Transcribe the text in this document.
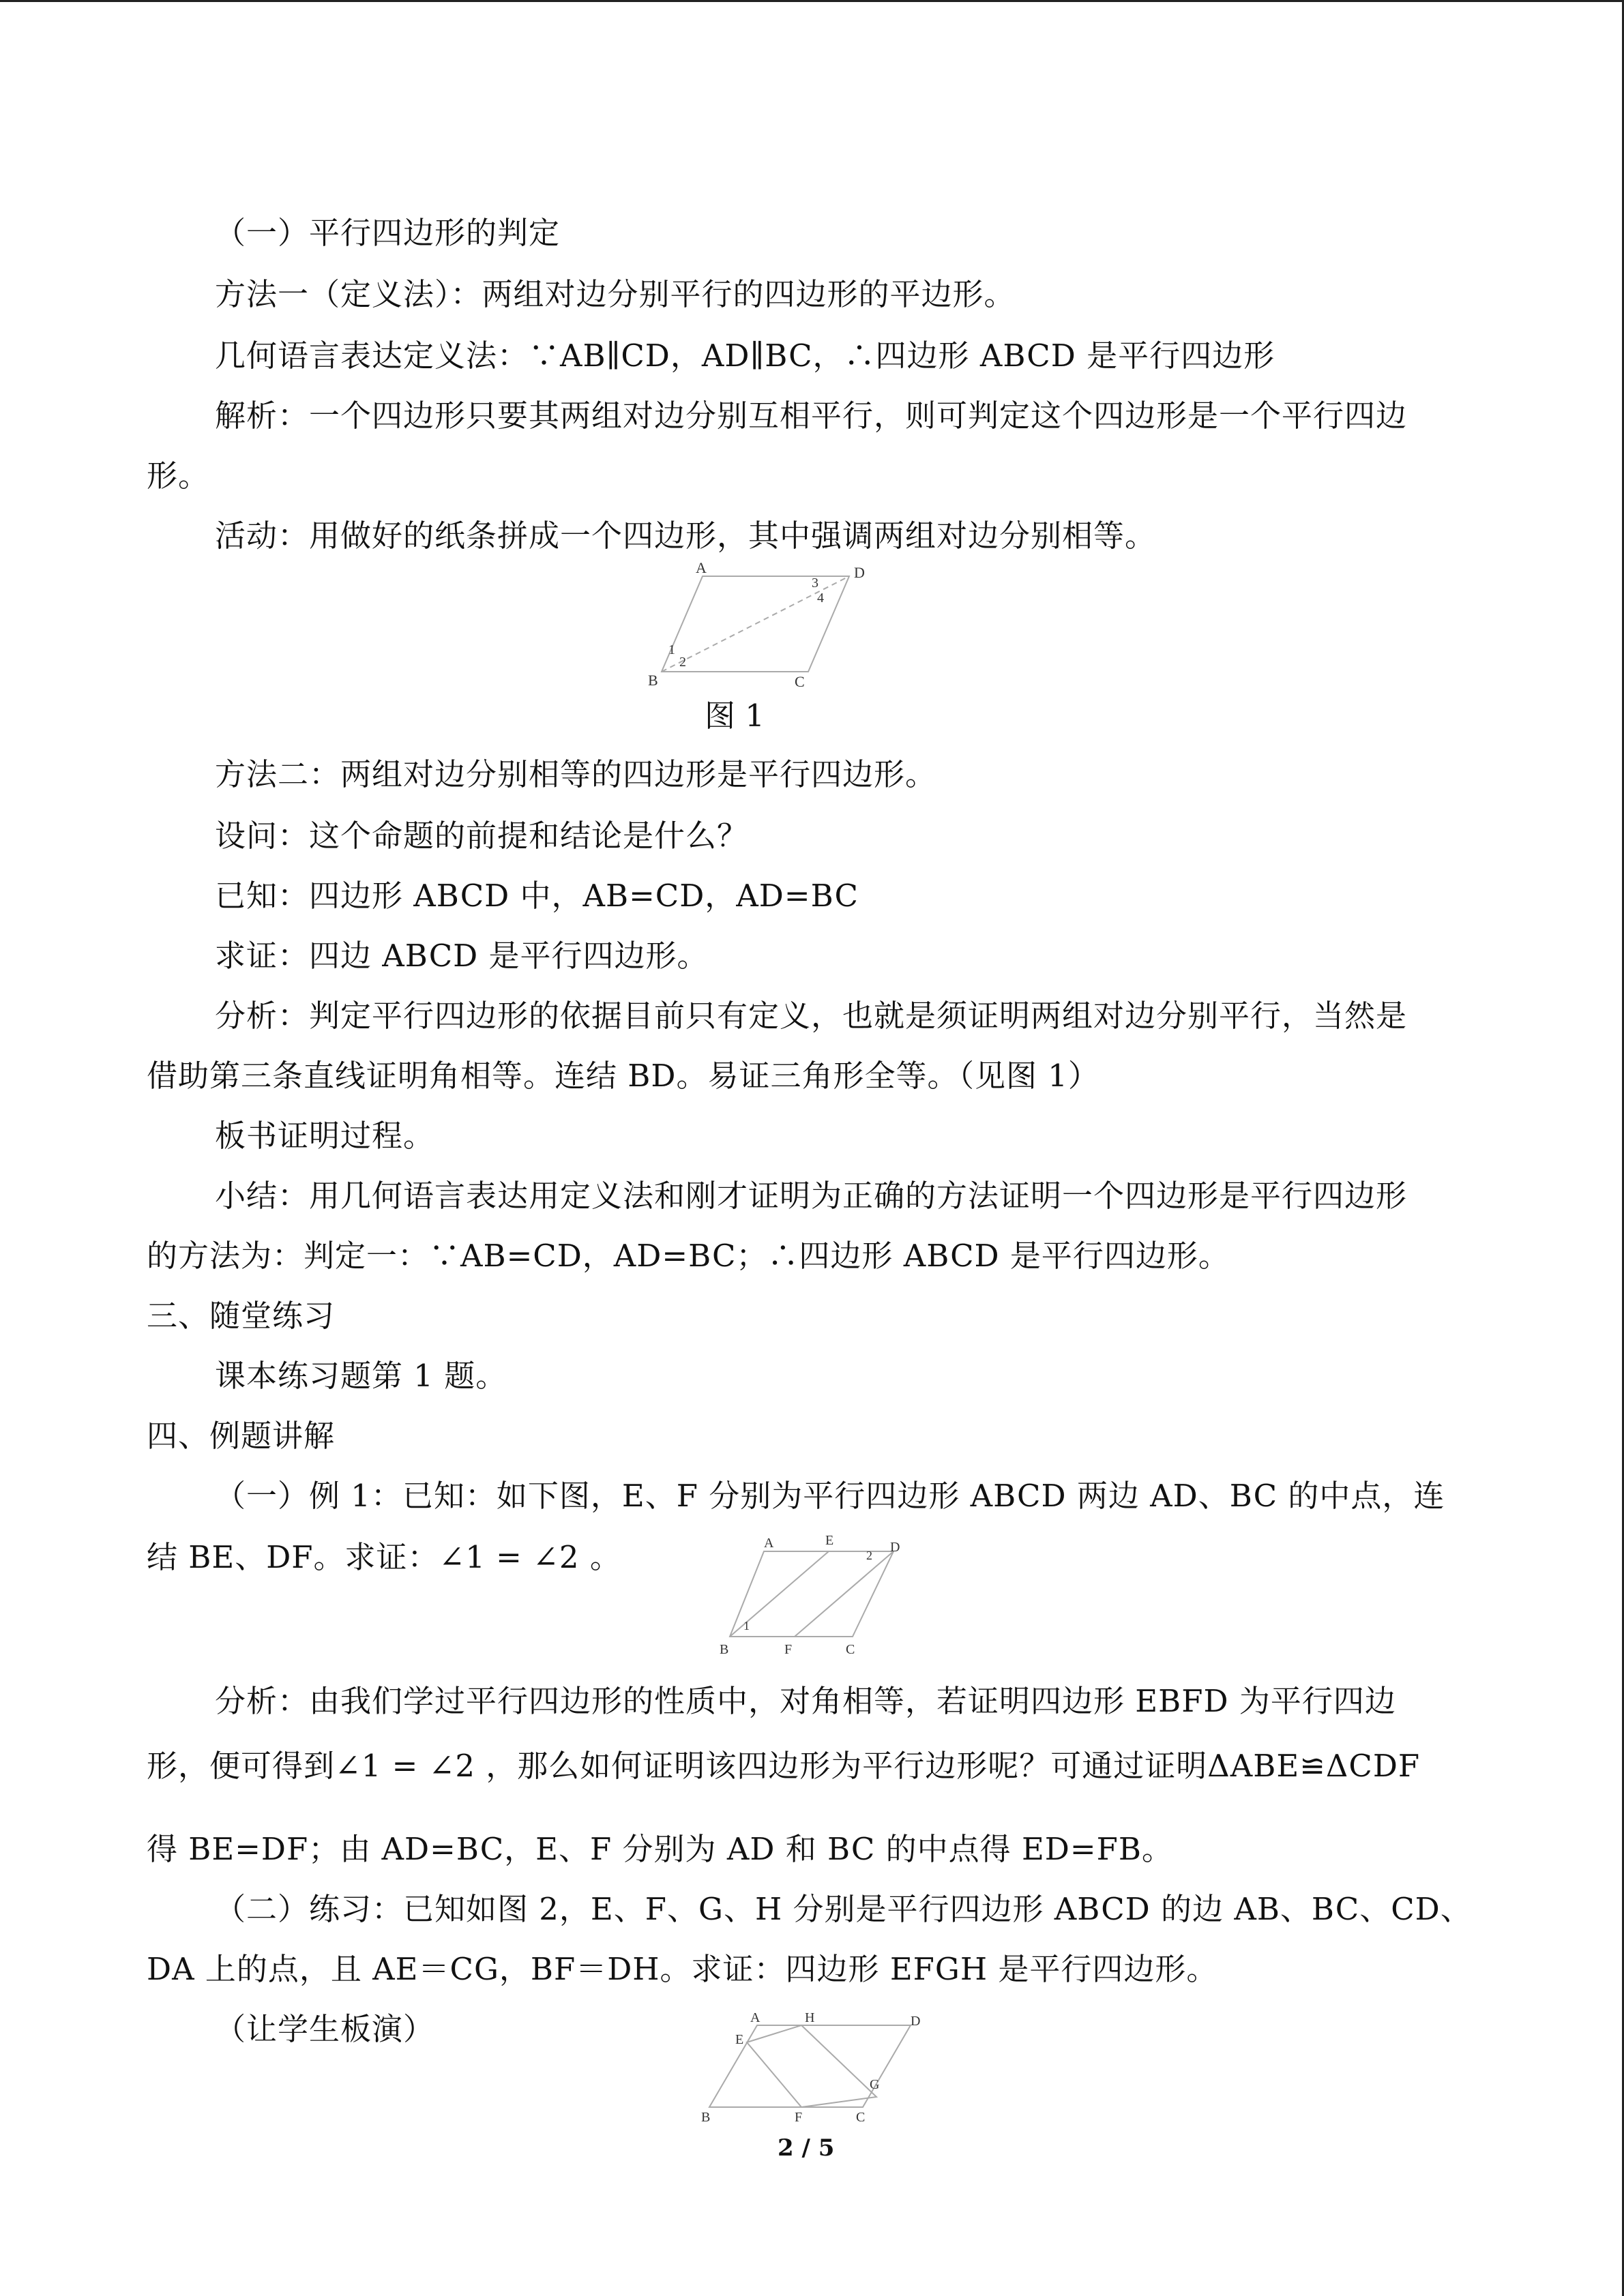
（一）平行四边形的判定
方法一（定义法）：两组对边分别平行的四边形的平边形。
几何语言表达定义法：∵AB∥CD，AD∥BC，∴四边形 ABCD 是平行四边形
解析：一个四边形只要其两组对边分别互相平行，则可判定这个四边形是一个平行四边
形。
活动：用做好的纸条拼成一个四边形，其中强调两组对边分别相等。
A	D
B	C
1
2
3
4
图 1
方法二：两组对边分别相等的四边形是平行四边形。
设问：这个命题的前提和结论是什么？
已知：四边形 ABCD 中，AB=CD，AD=BC
求证：四边 ABCD 是平行四边形。
分析：判定平行四边形的依据目前只有定义，也就是须证明两组对边分别平行，当然是
借助第三条直线证明角相等。连结 BD。易证三角形全等。（见图 1）
板书证明过程。
小结：用几何语言表达用定义法和刚才证明为正确的方法证明一个四边形是平行四边形
的方法为：判定一：∵AB=CD，AD=BC；∴四边形 ABCD 是平行四边形。
三、随堂练习
课本练习题第 1 题。
四、例题讲解
（一）例 1：已知：如下图，E、F 分别为平行四边形 ABCD 两边 AD、BC 的中点，连
结 BE、DF。求证：∠1 = ∠2 。	A	E	D
B	F	C
1
2
分析：由我们学过平行四边形的性质中，对角相等，若证明四边形 EBFD 为平行四边
形，便可得到∠1 = ∠2 ，那么如何证明该四边形为平行边形呢？可通过证明ΔABE≌ΔCDF
得 BE=DF；由 AD=BC，E、F 分别为 AD 和 BC 的中点得 ED=FB。
（二）练习：已知如图 2，E、F、G、H 分别是平行四边形 ABCD 的边 AB、BC、CD、
DA 上的点，且 AE＝CG，BF＝DH。求证：四边形 EFGH 是平行四边形。
（让学生板演）	A	H	D
E
G
B	F	C
2 / 5
